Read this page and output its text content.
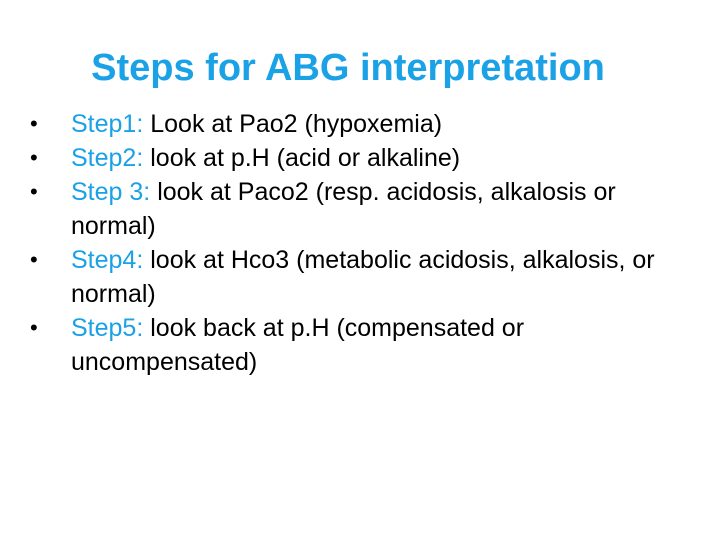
Steps for ABG interpretation
•	Step1: Look at Pao2 (hypoxemia)
•	Step2: look at p.H (acid or alkaline)
•	Step 3: look at Paco2 (resp. acidosis, alkalosis or normal)
•	Step4: look at Hco3 (metabolic acidosis, alkalosis, or normal)
•	Step5: look back at p.H (compensated or uncompensated)
